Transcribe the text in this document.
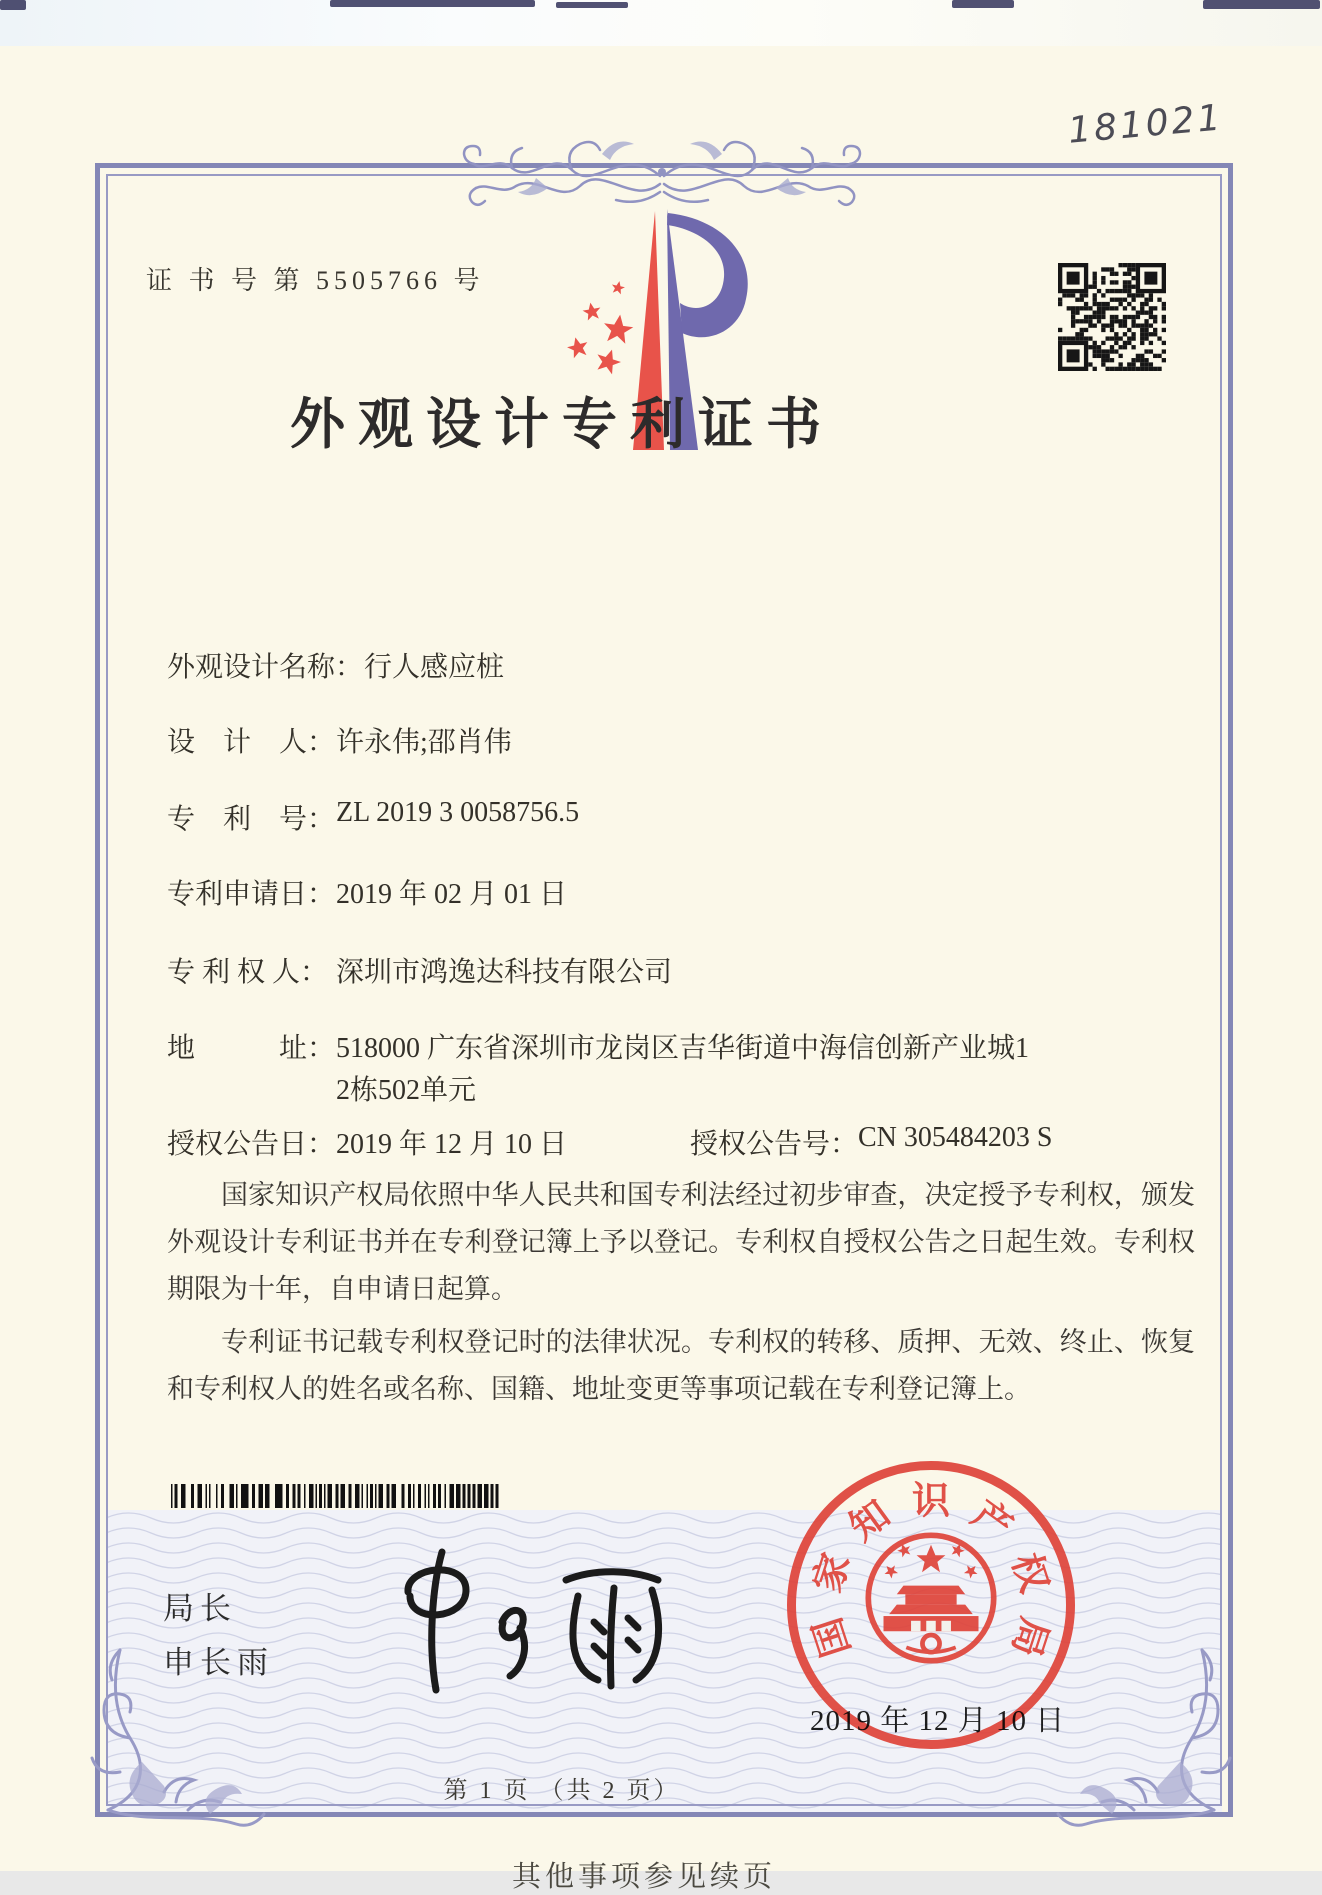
181021
证 书 号 第 5505766 号
外观设计专利证书
外观设计名称： 行人感应桩
设　计　人： 许永伟;邵肖伟
专　利　号： ZL 2019 3 0058756.5
专利申请日： 2019 年 02 月 01 日
专 利 权 人： 深圳市鸿逸达科技有限公司
地　　　址： 518000 广东省深圳市龙岗区吉华街道中海信创新产业城1
2栋502单元
授权公告日： 2019 年 12 月 10 日	授权公告号： CN 305484203 S

国家知识产权局依照中华人民共和国专利法经过初步审查，决定授予专利权，颁发外观设计专利证书并在专利登记簿上予以登记。专利权自授权公告之日起生效。专利权期限为十年，自申请日起算。

专利证书记载专利权登记时的法律状况。专利权的转移、质押、无效、终止、恢复和专利权人的姓名或名称、国籍、地址变更等事项记载在专利登记簿上。

局长
申长雨
国
家
知 识 产
权
局
2019 年 12 月 10 日
第 1 页 （共 2 页）
其他事项参见续页
